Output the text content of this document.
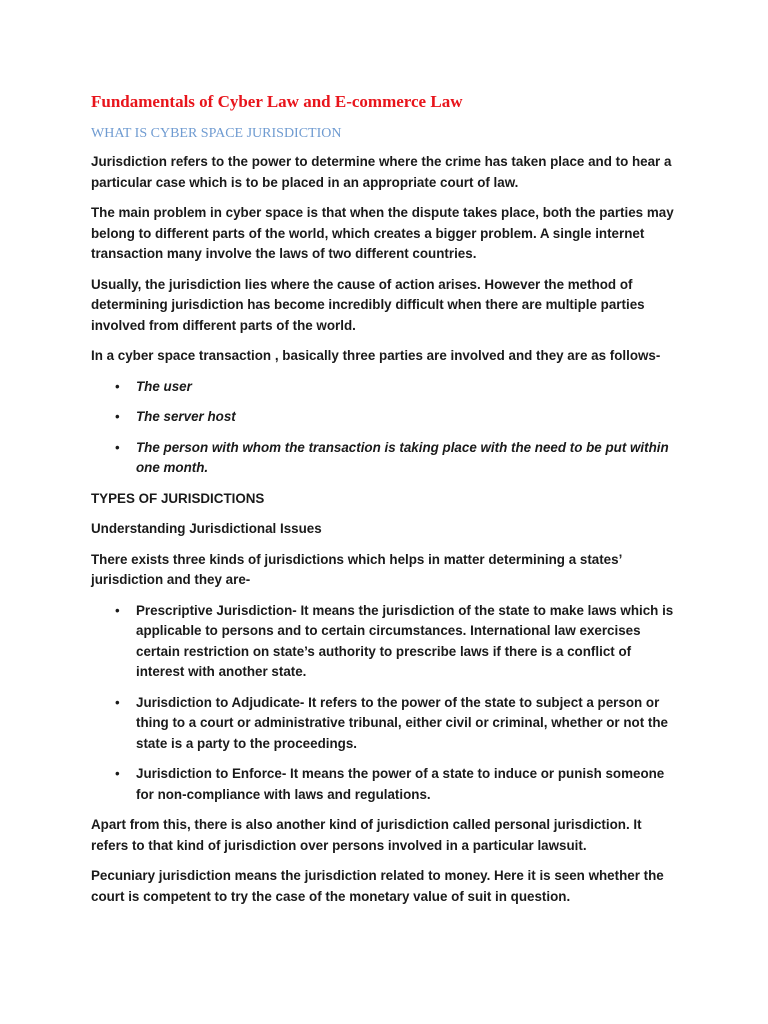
Fundamentals of Cyber Law and E-commerce Law
WHAT IS CYBER SPACE JURISDICTION

Jurisdiction refers to the power to determine where the crime has taken place and to hear a particular case which is to be placed in an appropriate court of law.

The main problem in cyber space is that when the dispute takes place, both the parties may belong to different parts of the world, which creates a bigger problem. A single internet transaction many involve the laws of two different countries.

Usually, the jurisdiction lies where the cause of action arises. However the method of determining jurisdiction has become incredibly difficult when there are multiple parties involved from different parts of the world.

In a cyber space transaction , basically three parties are involved and they are as follows-

• The user
• The server host
• The person with whom the transaction is taking place with the need to be put within one month.

TYPES OF JURISDICTIONS

Understanding Jurisdictional Issues

There exists three kinds of jurisdictions which helps in matter determining a states’ jurisdiction and they are-

• Prescriptive Jurisdiction- It means the jurisdiction of the state to make laws which is applicable to persons and to certain circumstances. International law exercises certain restriction on state’s authority to prescribe laws if there is a conflict of interest with another state.
• Jurisdiction to Adjudicate- It refers to the power of the state to subject a person or thing to a court or administrative tribunal, either civil or criminal, whether or not the state is a party to the proceedings.
• Jurisdiction to Enforce- It means the power of a state to induce or punish someone for non-compliance with laws and regulations.

Apart from this, there is also another kind of jurisdiction called personal jurisdiction. It refers to that kind of jurisdiction over persons involved in a particular lawsuit.

Pecuniary jurisdiction means the jurisdiction related to money. Here it is seen whether the court is competent to try the case of the monetary value of suit in question.
